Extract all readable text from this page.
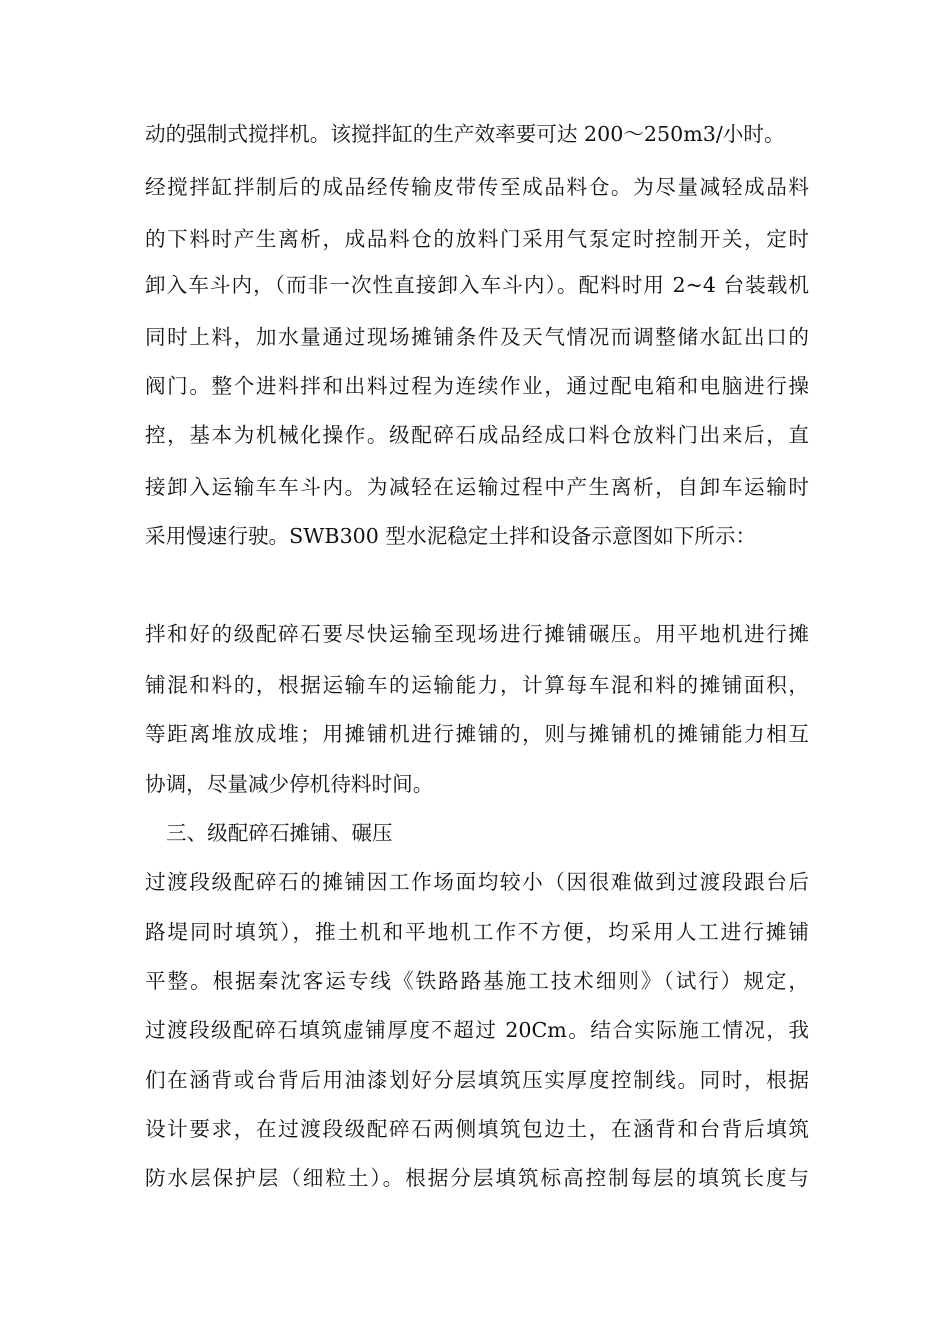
动的强制式搅拌机。该搅拌缸的生产效率要可达 200～250m3/小时。
经搅拌缸拌制后的成品经传输皮带传至成品料仓。为尽量减轻成品料
的下料时产生离析，成品料仓的放料门采用气泵定时控制开关，定时
卸入车斗内，（而非一次性直接卸入车斗内）。配料时用 2~4 台装载机
同时上料，加水量通过现场摊铺条件及天气情况而调整储水缸出口的
阀门。整个进料拌和出料过程为连续作业，通过配电箱和电脑进行操
控，基本为机械化操作。级配碎石成品经成口料仓放料门出来后，直
接卸入运输车车斗内。为减轻在运输过程中产生离析，自卸车运输时
采用慢速行驶。SWB300 型水泥稳定土拌和设备示意图如下所示：
拌和好的级配碎石要尽快运输至现场进行摊铺碾压。用平地机进行摊
铺混和料的，根据运输车的运输能力，计算每车混和料的摊铺面积，
等距离堆放成堆；用摊铺机进行摊铺的，则与摊铺机的摊铺能力相互
协调，尽量减少停机待料时间。
三、级配碎石摊铺、碾压
过渡段级配碎石的摊铺因工作场面均较小（因很难做到过渡段跟台后
路堤同时填筑），推土机和平地机工作不方便，均采用人工进行摊铺
平整。根据秦沈客运专线《铁路路基施工技术细则》（试行）规定，
过渡段级配碎石填筑虚铺厚度不超过 20Cm。结合实际施工情况，我
们在涵背或台背后用油漆划好分层填筑压实厚度控制线。同时，根据
设计要求，在过渡段级配碎石两侧填筑包边土，在涵背和台背后填筑
防水层保护层（细粒土）。根据分层填筑标高控制每层的填筑长度与
